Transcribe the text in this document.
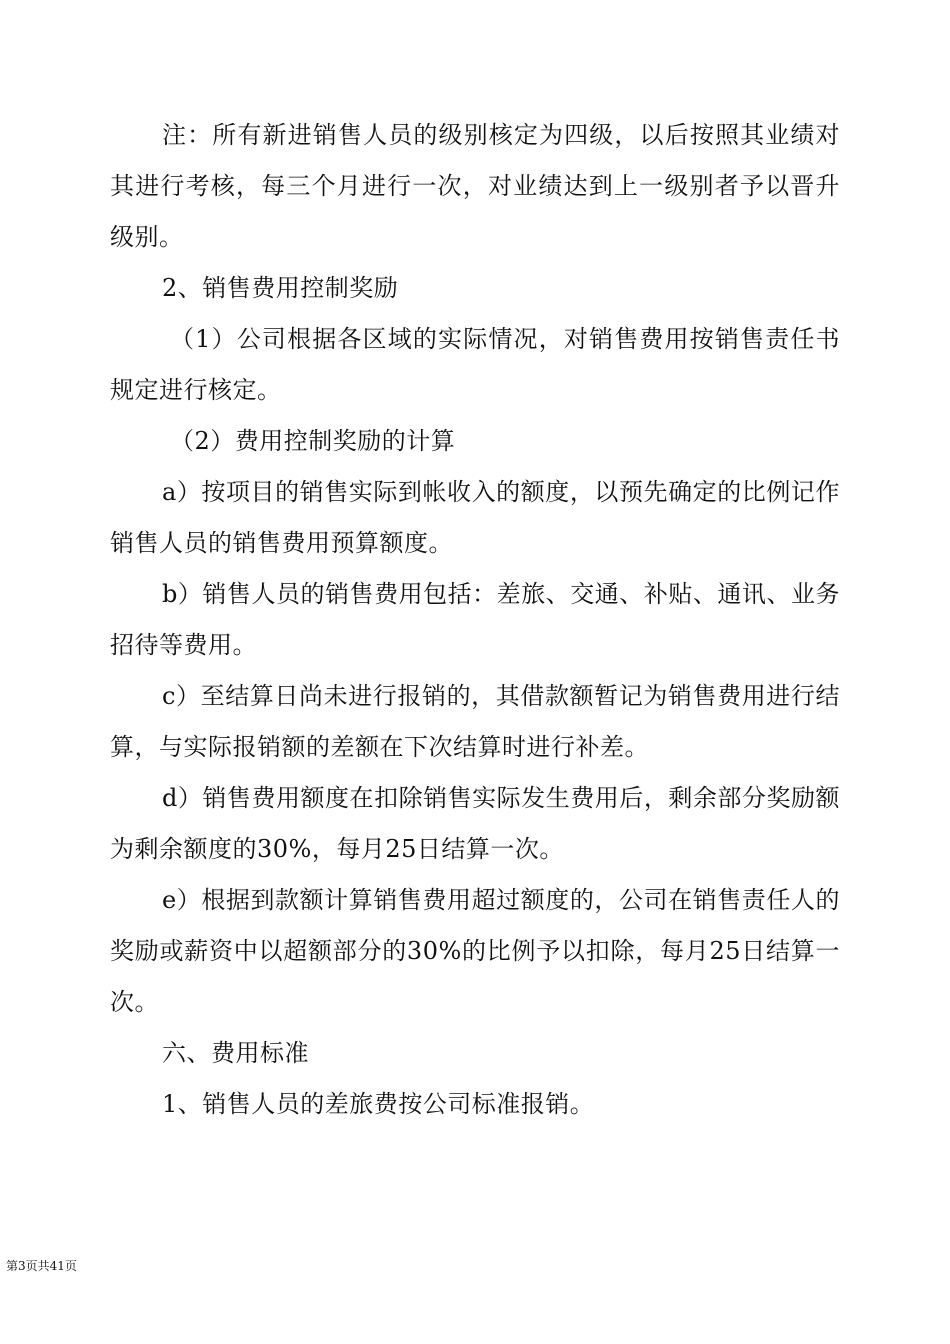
注：所有新进销售人员的级别核定为四级，以后按照其业绩对其进行考核，每三个月进行一次，对业绩达到上一级别者予以晋升级别。

2、销售费用控制奖励

（1）公司根据各区域的实际情况，对销售费用按销售责任书规定进行核定。

（2）费用控制奖励的计算

a）按项目的销售实际到帐收入的额度，以预先确定的比例记作销售人员的销售费用预算额度。

b）销售人员的销售费用包括：差旅、交通、补贴、通讯、业务招待等费用。

c）至结算日尚未进行报销的，其借款额暂记为销售费用进行结算，与实际报销额的差额在下次结算时进行补差。

d）销售费用额度在扣除销售实际发生费用后，剩余部分奖励额为剩余额度的30%，每月25日结算一次。

e）根据到款额计算销售费用超过额度的，公司在销售责任人的奖励或薪资中以超额部分的30%的比例予以扣除，每月25日结算一次。

六、费用标准

1、销售人员的差旅费按公司标准报销。

第3页共41页
